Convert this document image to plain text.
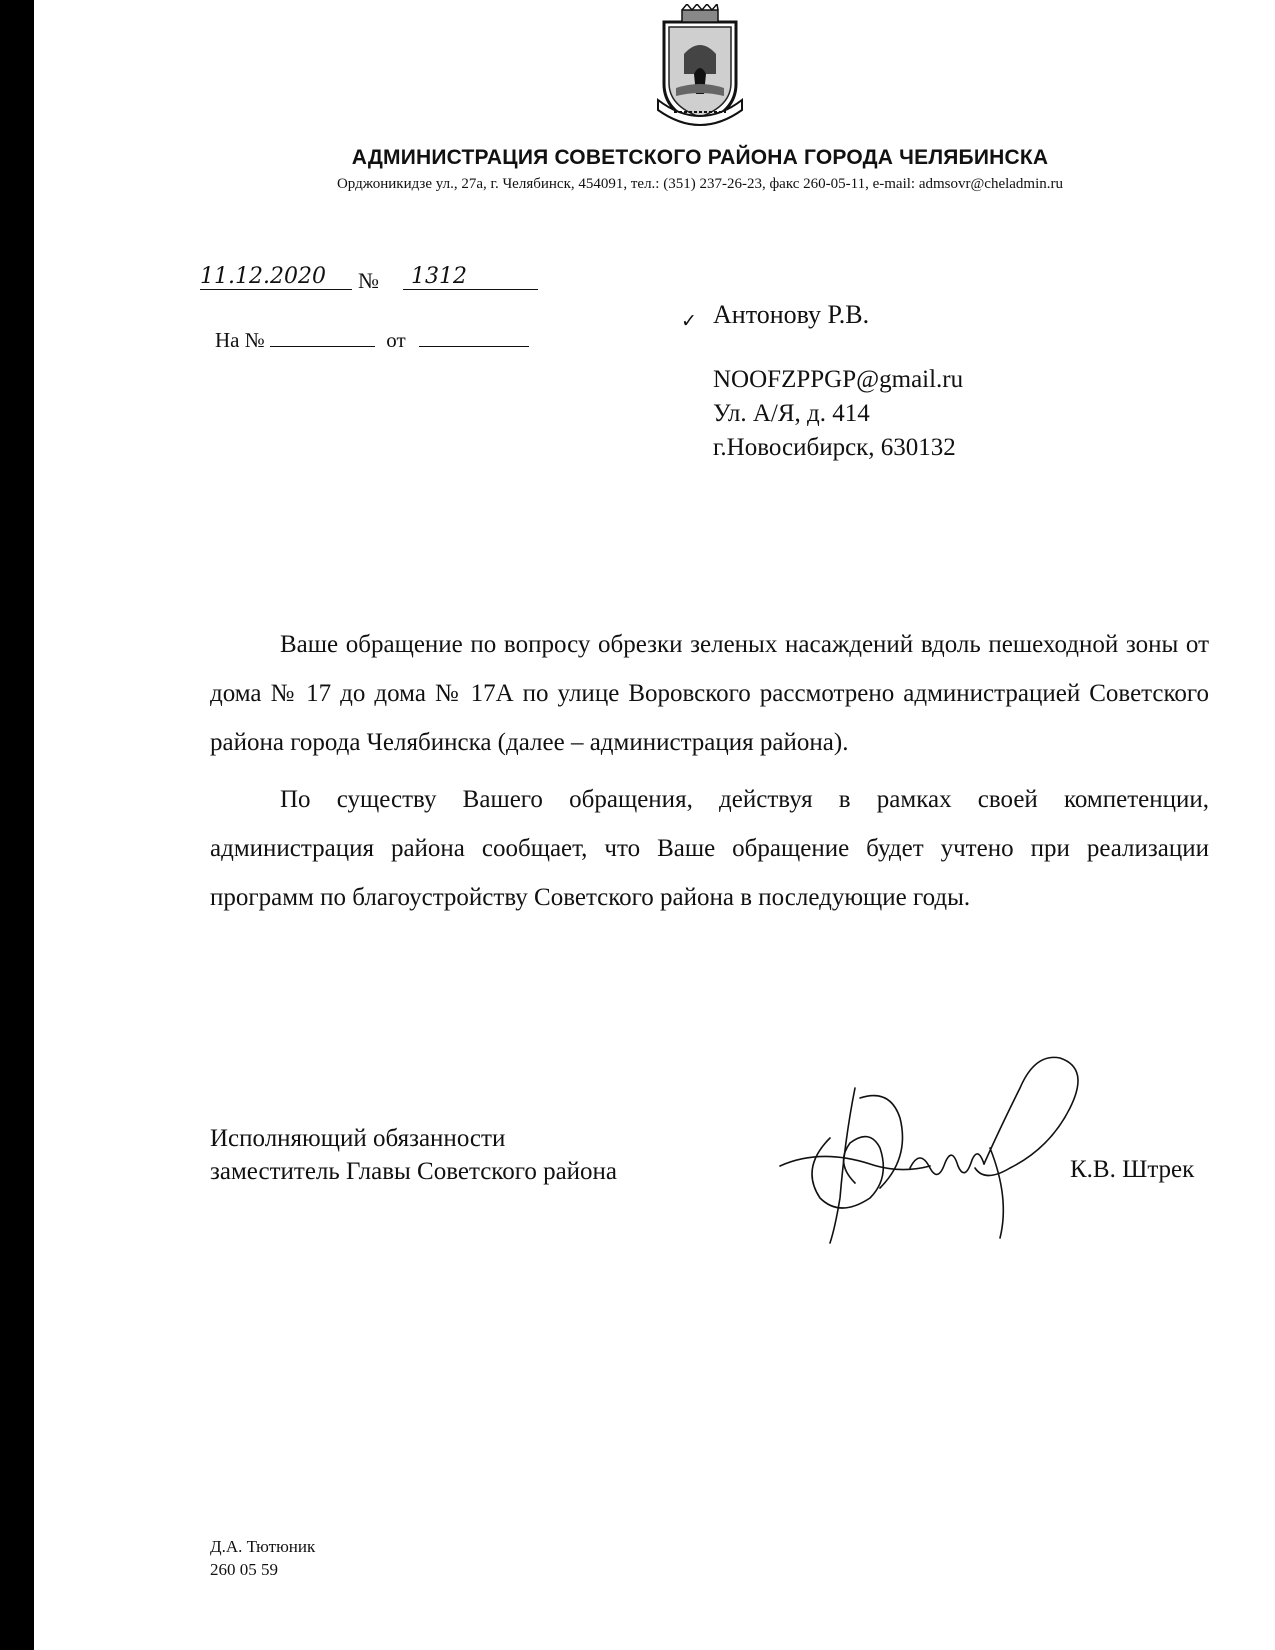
АДМИНИСТРАЦИЯ СОВЕТСКОГО РАЙОНА ГОРОДА ЧЕЛЯБИНСКА
Орджоникидзе ул., 27а, г. Челябинск, 454091, тел.: (351) 237-26-23, факс 260-05-11, e-mail: admsovr@cheladmin.ru
11.12.2020	№	1312
На №	от
✓ Антонову Р.В.
NOOFZPPGP@gmail.ru
Ул. А/Я, д. 414
г.Новосибирск, 630132

Ваше обращение по вопросу обрезки зеленых насаждений вдоль пешеходной зоны от дома № 17 до дома № 17А по улице Воровского рассмотрено администрацией Советского района города Челябинска (далее – администрация района).

По существу Вашего обращения, действуя в рамках своей компетенции, администрация района сообщает, что Ваше обращение будет учтено при реализации программ по благоустройству Советского района в последующие годы.

Исполняющий обязанности
заместитель Главы Советского района	К.В. Штрек
Д.А. Тютюник
260 05 59
